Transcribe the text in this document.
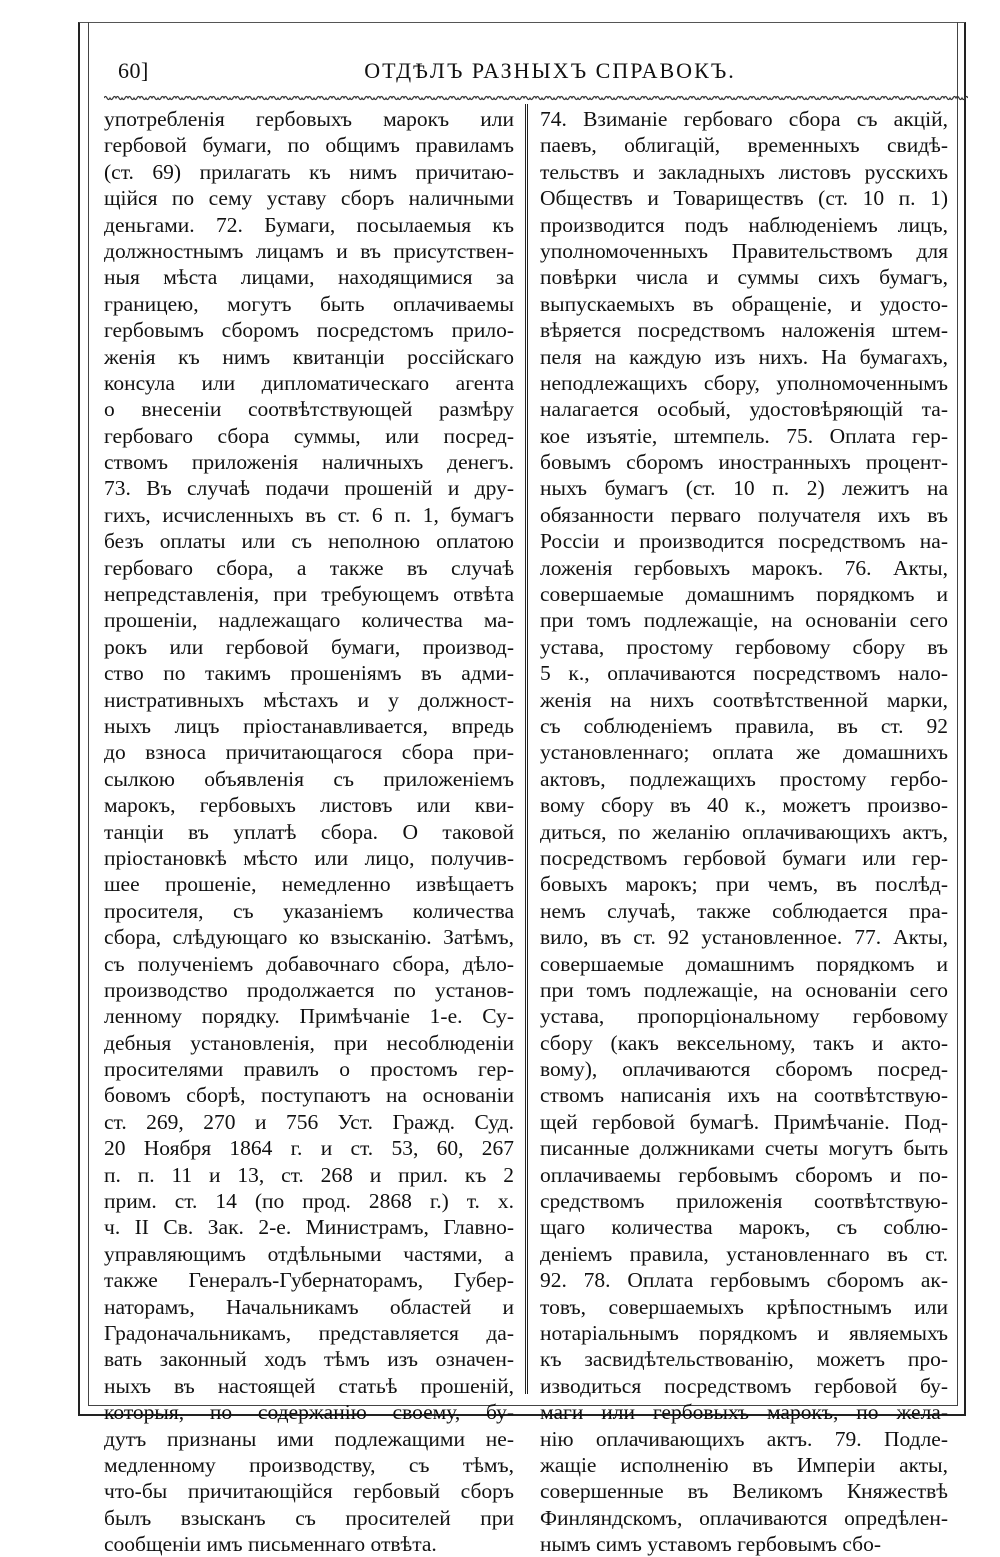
60]	ОТДѢЛЪ РАЗНЫХЪ СПРАВОКЪ.
употребленія гербовыхъ марокъ или
гербовой бумаги, по общимъ правиламъ
(ст. 69) прилагать къ нимъ причитаю-
щійся по сему уставу сборъ наличными
деньгами. 72. Бумаги, посылаемыя къ
должностнымъ лицамъ и въ присутствен-
ныя мѣста лицами, находящимися за
границею, могутъ быть оплачиваемы
гербовымъ сборомъ посредстомъ прило-
женія къ нимъ квитанціи россійскаго
консула или дипломатическаго агента
о внесеніи соотвѣтствующей размѣру
гербоваго сбора суммы, или посред-
ствомъ приложенія наличныхъ денегъ.
73. Въ случаѣ подачи прошеній и дру-
гихъ, исчисленныхъ въ ст. 6 п. 1, бумагъ
безъ оплаты или съ неполною оплатою
гербоваго сбора, а также въ случаѣ
непредставленія, при требующемъ отвѣта
прошеніи, надлежащаго количества ма-
рокъ или гербовой бумаги, производ-
ство по такимъ прошеніямъ въ адми-
нистративныхъ мѣстахъ и у должност-
ныхъ лицъ пріостанавливается, впредь
до взноса причитающагося сбора при-
сылкою объявленія съ приложеніемъ
марокъ, гербовыхъ листовъ или кви-
танціи въ уплатѣ сбора. О таковой
пріостановкѣ мѣсто или лицо, получив-
шее прошеніе, немедленно извѣщаетъ
просителя, съ указаніемъ количества
сбора, слѣдующаго ко взысканію. Затѣмъ,
съ полученіемъ добавочнаго сбора, дѣло-
производство продолжается по установ-
ленному порядку. Примѣчаніе 1-е. Су-
дебныя установленія, при несоблюденіи
просителями правилъ о простомъ гер-
бовомъ сборѣ, поступаютъ на основаніи
ст. 269, 270 и 756 Уст. Гражд. Суд.
20 Ноября 1864 г. и ст. 53, 60, 267
п. п. 11 и 13, ст. 268 и прил. къ 2
прим. ст. 14 (по прод. 2868 г.) т. х.
ч. II Св. Зак. 2-е. Министрамъ, Главно-
управляющимъ отдѣльными частями, а
также Генералъ-Губернаторамъ, Губер-
наторамъ, Начальникамъ областей и
Градоначальникамъ, представляется да-
вать законный ходъ тѣмъ изъ означен-
ныхъ въ настоящей статьѣ прошеній,
которыя, по содержанію своему, бу-
дутъ признаны ими подлежащими не-
медленному производству, съ тѣмъ,
что-бы причитающійся гербовый сборъ
былъ взысканъ съ просителей при
сообщеніи имъ письменнаго отвѣта.
74. Взиманіе гербоваго сбора съ акцій,
паевъ, облигацій, временныхъ свидѣ-
тельствъ и закладныхъ листовъ русскихъ
Обществъ и Товариществъ (ст. 10 п. 1)
производится подъ наблюденіемъ лицъ,
уполномоченныхъ Правительствомъ для
повѣрки числа и суммы сихъ бумагъ,
выпускаемыхъ въ обращеніе, и удосто-
вѣряется посредствомъ наложенія штем-
пеля на каждую изъ нихъ. На бумагахъ,
неподлежащихъ сбору, уполномоченнымъ
налагается особый, удостовѣряющій та-
кое изъятіе, штемпель. 75. Оплата гер-
бовымъ сборомъ иностранныхъ процент-
ныхъ бумагъ (ст. 10 п. 2) лежитъ на
обязанности перваго получателя ихъ въ
Россіи и производится посредствомъ на-
ложенія гербовыхъ марокъ. 76. Акты,
совершаемые домашнимъ порядкомъ и
при томъ подлежащіе, на основаніи сего
устава, простому гербовому сбору въ
5 к., оплачиваются посредствомъ нало-
женія на нихъ соотвѣтственной марки,
съ соблюденіемъ правила, въ ст. 92
установленнаго; оплата же домашнихъ
актовъ, подлежащихъ простому гербо-
вому сбору въ 40 к., можетъ произво-
диться, по желанію оплачивающихъ актъ,
посредствомъ гербовой бумаги или гер-
бовыхъ марокъ; при чемъ, въ послѣд-
немъ случаѣ, также соблюдается пра-
вило, въ ст. 92 установленное. 77. Акты,
совершаемые домашнимъ порядкомъ и
при томъ подлежащіе, на основаніи сего
устава, пропорціональному гербовому
сбору (какъ вексельному, такъ и акто-
вому), оплачиваются сборомъ посред-
ствомъ написанія ихъ на соотвѣтствую-
щей гербовой бумагѣ. Примѣчаніе. Под-
писанные должниками счеты могутъ быть
оплачиваемы гербовымъ сборомъ и по-
средствомъ приложенія соотвѣтствую-
щаго количества марокъ, съ соблю-
деніемъ правила, установленнаго въ ст.
92. 78. Оплата гербовымъ сборомъ ак-
товъ, совершаемыхъ крѣпостнымъ или
нотаріальнымъ порядкомъ и являемыхъ
къ засвидѣтельствованію, можетъ про-
изводиться посредствомъ гербовой бу-
маги или гербовыхъ марокъ, по жела-
нію оплачивающихъ актъ. 79. Подле-
жащіе исполненію въ Имперіи акты,
совершенные въ Великомъ Княжествѣ
Финляндскомъ, оплачиваются опредѣлен-
нымъ симъ уставомъ гербовымъ сбо-
